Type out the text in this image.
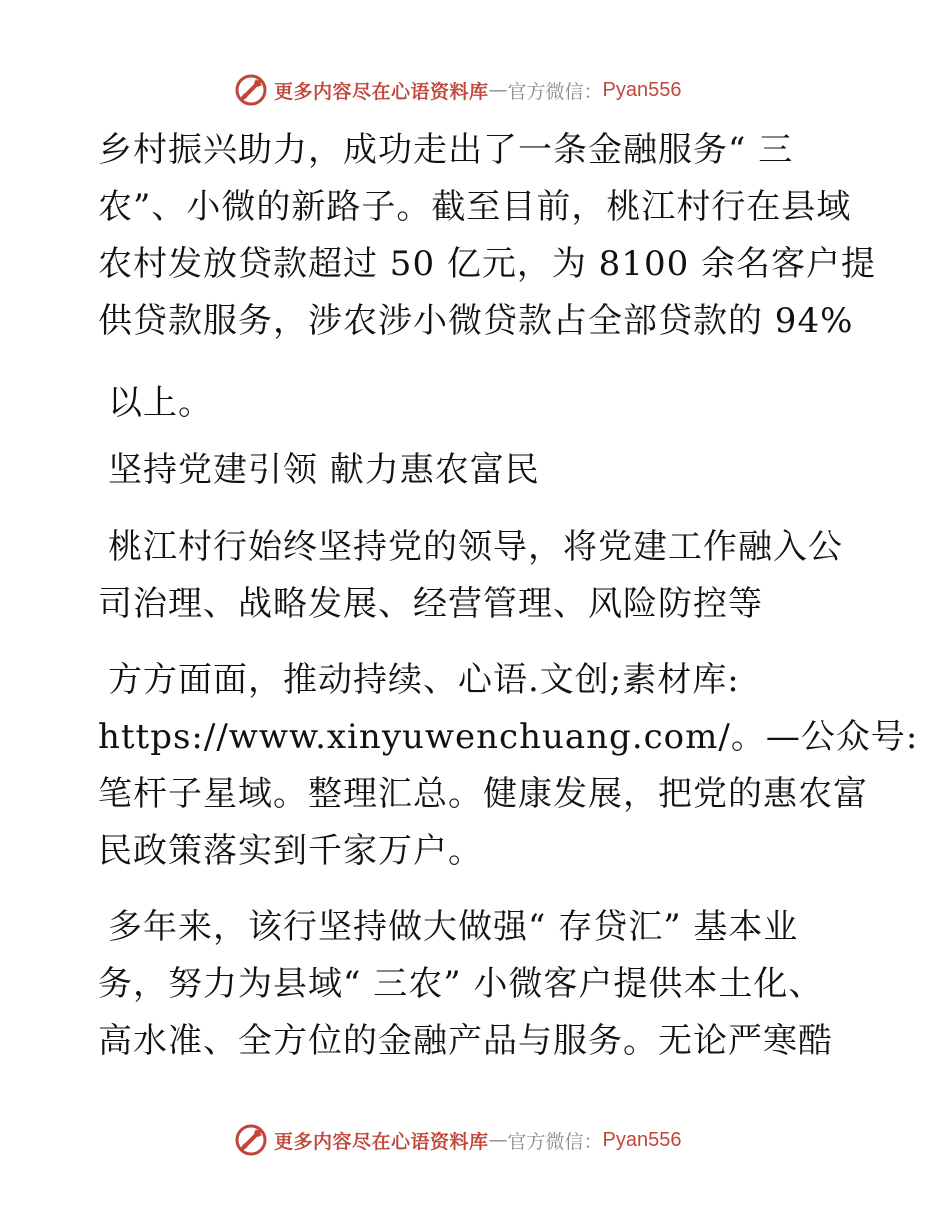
更多内容尽在心语资料库 — 官方微信： Pyan556

乡村振兴助力，成功走出了一条金融服务“ 三

农”、小微的新路子。截至目前，桃江村行在县域

农村发放贷款超过 50 亿元，为 8100 余名客户提

供贷款服务，涉农涉小微贷款占全部贷款的 94%

以上。

坚持党建引领 献力惠农富民

桃江村行始终坚持党的领导，将党建工作融入公

司治理、战略发展、经营管理、风险防控等

方方面面，推动持续、心语.文创;素材库:

https://www.xinyuwenchuang.com/。—公众号:

笔杆子星域。整理汇总。健康发展，把党的惠农富

民政策落实到千家万户。

多年来，该行坚持做大做强“ 存贷汇” 基本业

务，努力为县域“ 三农” 小微客户提供本土化、

高水准、全方位的金融产品与服务。无论严寒酷

更多内容尽在心语资料库 — 官方微信： Pyan556
